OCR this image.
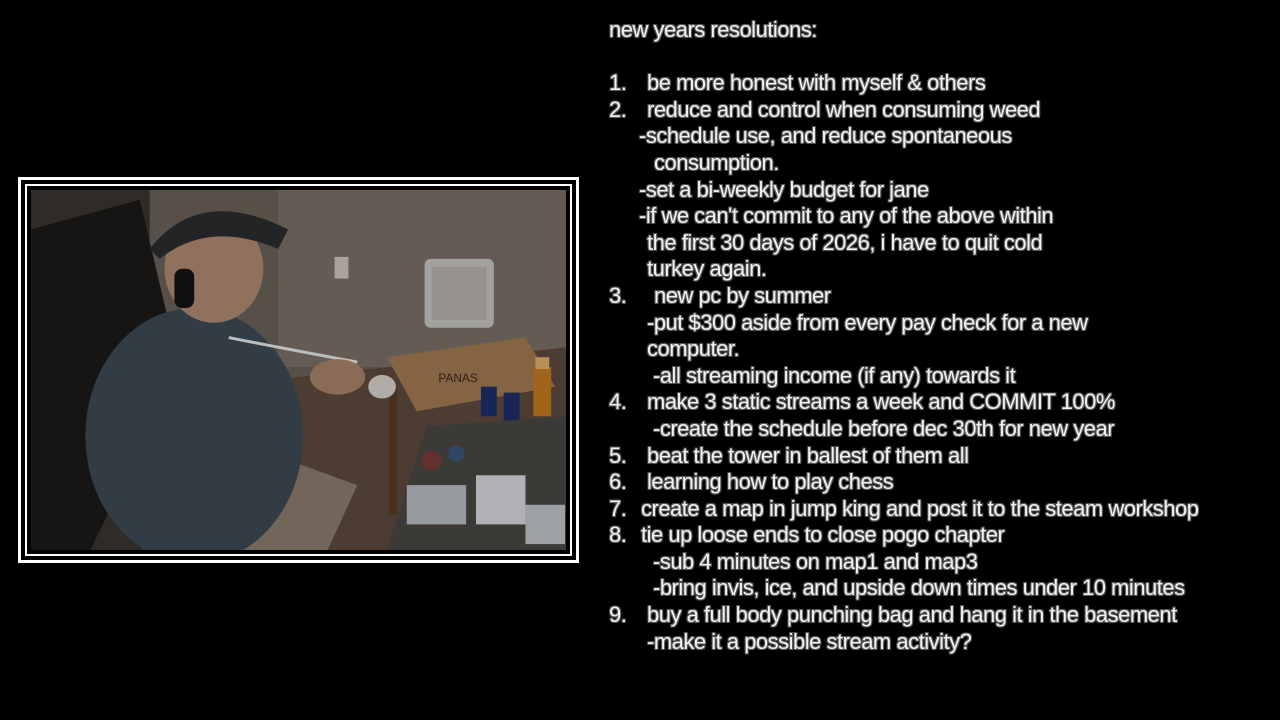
PANAS
new years resolutions:
1. be more honest with myself & others
2. reduce and control when consuming weed
-schedule use, and reduce spontaneous
consumption.
-set a bi-weekly budget for jane
-if we can't commit to any of the above within
the first 30 days of 2026, i have to quit cold
turkey again.
3. new pc by summer
-put $300 aside from every pay check for a new
computer.
-all streaming income (if any) towards it
4. make 3 static streams a week and COMMIT 100%
-create the schedule before dec 30th for new year
5. beat the tower in ballest of them all
6. learning how to play chess
7. create a map in jump king and post it to the steam workshop
8. tie up loose ends to close pogo chapter
-sub 4 minutes on map1 and map3
-bring invis, ice, and upside down times under 10 minutes
9. buy a full body punching bag and hang it in the basement
-make it a possible stream activity?
